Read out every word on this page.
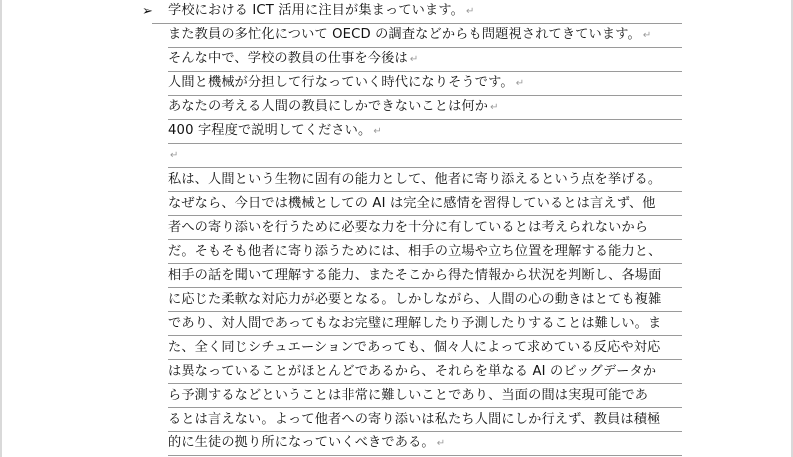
➢ 学校における ICT 活用に注目が集まっています。 ↵
また教員の多忙化について OECD の調査などからも問題視されてきています。 ↵
そんな中で、学校の教員の仕事を今後は ↵
人間と機械が分担して行なっていく時代になりそうです。 ↵
あなたの考える人間の教員にしかできないことは何か ↵
400 字程度で説明してください。 ↵
↵
私は、人間という生物に固有の能力として、他者に寄り添えるという点を挙げる。
なぜなら、今日では機械としての AI は完全に感情を習得しているとは言えず、他
者への寄り添いを行うために必要な力を十分に有しているとは考えられないから
だ。そもそも他者に寄り添うためには、相手の立場や立ち位置を理解する能力と、
相手の話を聞いて理解する能力、またそこから得た情報から状況を判断し、各場面
に応じた柔軟な対応力が必要となる。しかしながら、人間の心の動きはとても複雑
であり、対人間であってもなお完璧に理解したり予測したりすることは難しい。ま
た、全く同じシチュエーションであっても、個々人によって求めている反応や対応
は異なっていることがほとんどであるから、それらを単なる AI のビッグデータか
ら予測するなどということは非常に難しいことであり、当面の間は実現可能であ
るとは言えない。よって他者への寄り添いは私たち人間にしか行えず、教員は積極
的に生徒の拠り所になっていくべきである。 ↵
